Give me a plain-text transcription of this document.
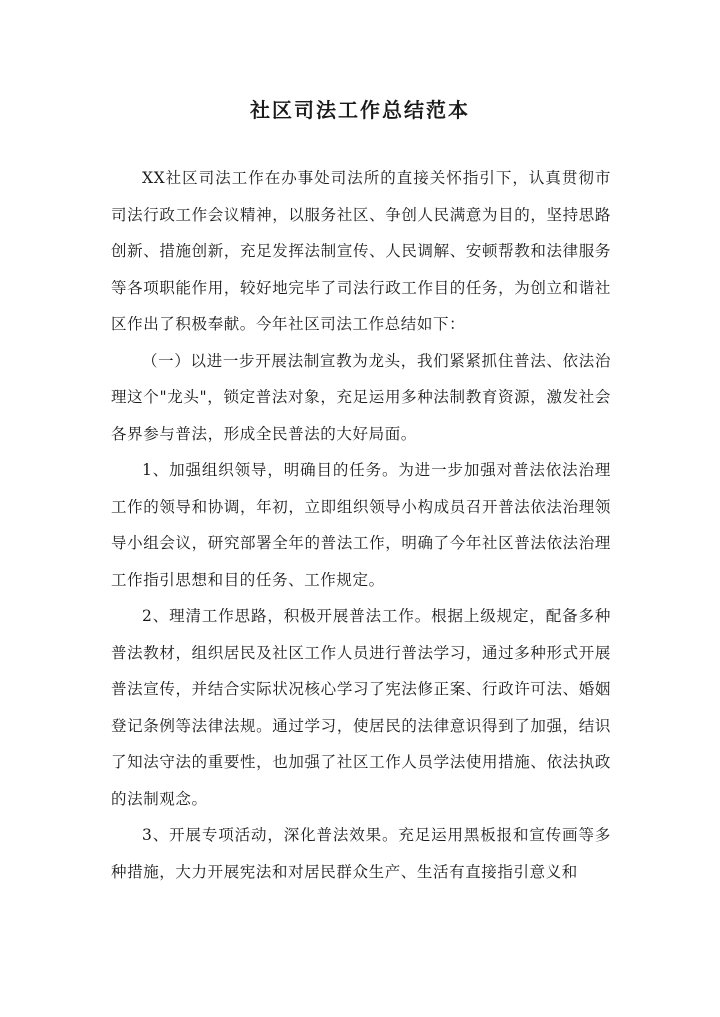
社区司法工作总结范本

XX社区司法工作在办事处司法所的直接关怀指引下，认真贯彻市司法行政工作会议精神，以服务社区、争创人民满意为目的，坚持思路创新、措施创新，充足发挥法制宣传、人民调解、安顿帮教和法律服务等各项职能作用，较好地完毕了司法行政工作目的任务，为创立和谐社区作出了积极奉献。今年社区司法工作总结如下：

（一）以进一步开展法制宣教为龙头，我们紧紧抓住普法、依法治理这个"龙头"，锁定普法对象，充足运用多种法制教育资源，激发社会各界参与普法，形成全民普法的大好局面。

1、加强组织领导，明确目的任务。为进一步加强对普法依法治理工作的领导和协调，年初，立即组织领导小构成员召开普法依法治理领导小组会议，研究部署全年的普法工作，明确了今年社区普法依法治理工作指引思想和目的任务、工作规定。

2、理清工作思路，积极开展普法工作。根据上级规定，配备多种普法教材，组织居民及社区工作人员进行普法学习，通过多种形式开展普法宣传，并结合实际状况核心学习了宪法修正案、行政许可法、婚姻登记条例等法律法规。通过学习，使居民的法律意识得到了加强，结识了知法守法的重要性，也加强了社区工作人员学法使用措施、依法执政的法制观念。

3、开展专项活动，深化普法效果。充足运用黑板报和宣传画等多种措施，大力开展宪法和对居民群众生产、生活有直接指引意义和
